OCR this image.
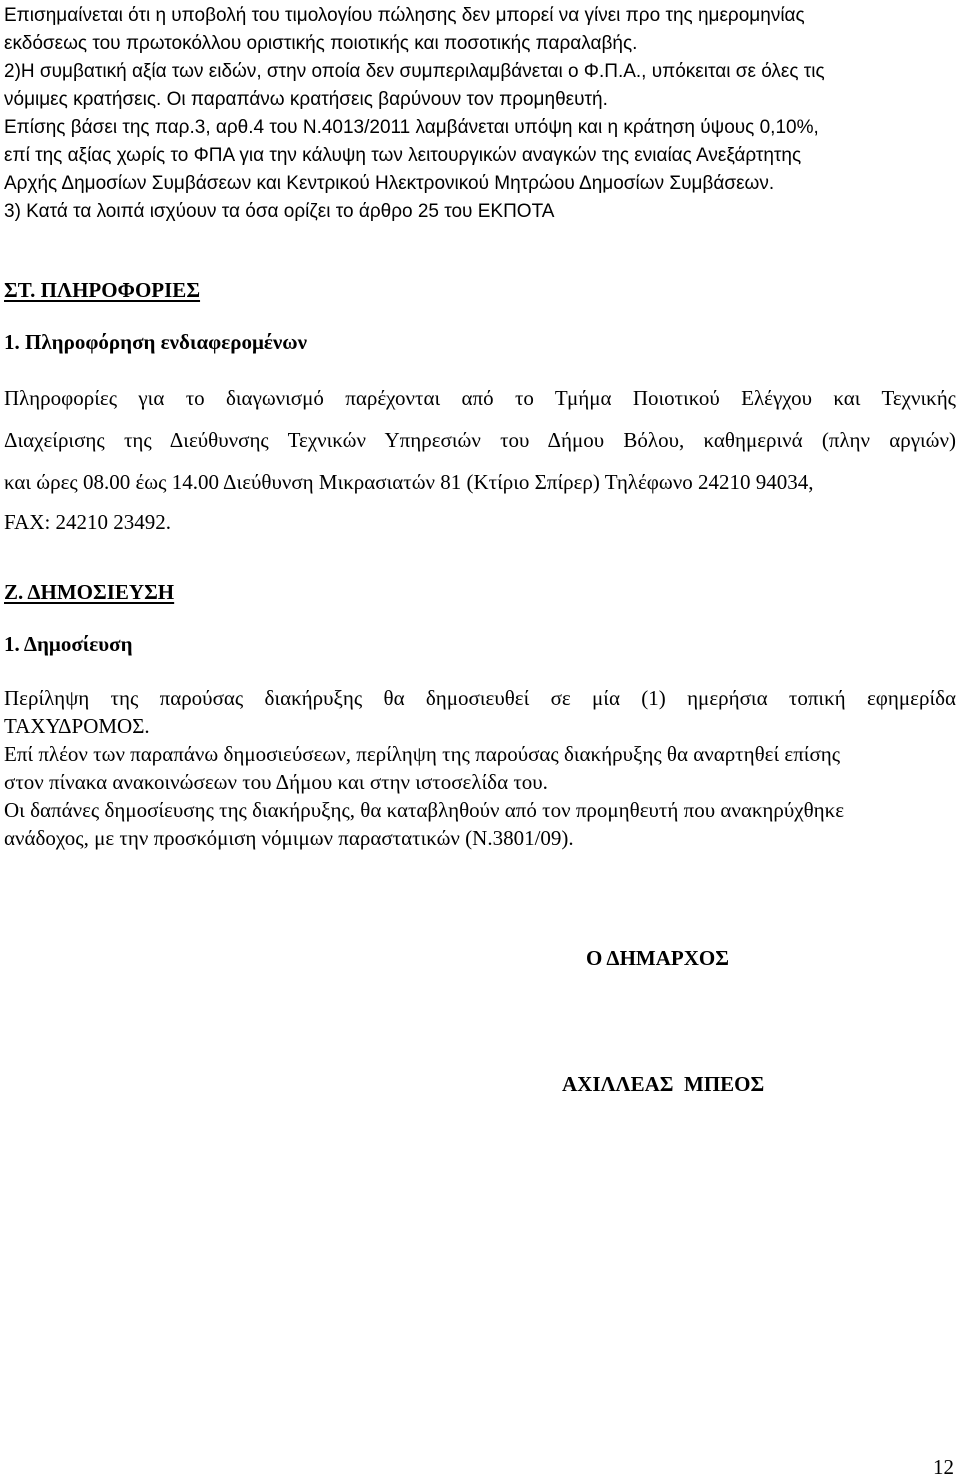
Επισημαίνεται ότι η υποβολή του τιμολογίου πώλησης δεν μπορεί να γίνει προ της ημερομηνίας

εκδόσεως του πρωτοκόλλου οριστικής ποιοτικής και ποσοτικής παραλαβής.

2)Η συμβατική αξία των ειδών, στην οποία δεν συμπεριλαμβάνεται ο Φ.Π.Α., υπόκειται σε όλες τις

νόμιμες κρατήσεις. Οι παραπάνω κρατήσεις βαρύνουν τον προμηθευτή.

Επίσης βάσει της παρ.3, αρθ.4 του Ν.4013/2011 λαμβάνεται υπόψη και η κράτηση ύψους 0,10%,

επί της αξίας χωρίς το ΦΠΑ για την κάλυψη των λειτουργικών αναγκών της ενιαίας Ανεξάρτητης

Αρχής Δημοσίων Συμβάσεων και Κεντρικού Ηλεκτρονικού Μητρώου Δημοσίων Συμβάσεων.

3) Κατά τα λοιπά ισχύουν τα όσα ορίζει το άρθρο 25 του ΕΚΠΟΤΑ

ΣΤ. ΠΛΗΡΟΦΟΡΙΕΣ

1. Πληροφόρηση ενδιαφερομένων

Πληροφορίες για το διαγωνισμό παρέχονται από το Τμήμα Ποιοτικού Ελέγχου και Τεχνικής

Διαχείρισης της Διεύθυνσης Τεχνικών Υπηρεσιών του Δήμου Βόλου, καθημερινά (πλην αργιών)

και ώρες 08.00 έως 14.00 Διεύθυνση Μικρασιατών 81 (Κτίριο Σπίρερ) Τηλέφωνο 24210 94034,

FAX: 24210 23492.

Ζ. ΔΗΜΟΣΙΕΥΣΗ

1. Δημοσίευση

Περίληψη της παρούσας διακήρυξης θα δημοσιευθεί σε μία (1) ημερήσια τοπική εφημερίδα

ΤΑΧΥΔΡΟΜΟΣ.

Επί πλέον των παραπάνω δημοσιεύσεων, περίληψη της παρούσας διακήρυξης θα αναρτηθεί επίσης

στον πίνακα ανακοινώσεων του Δήμου και στην ιστοσελίδα του.

Οι δαπάνες δημοσίευσης της διακήρυξης, θα καταβληθούν από τον προμηθευτή που ανακηρύχθηκε

ανάδοχος, με την προσκόμιση νόμιμων παραστατικών (Ν.3801/09).

Ο ΔΗΜΑΡΧΟΣ

ΑΧΙΛΛΕΑΣ  ΜΠΕΟΣ

12
